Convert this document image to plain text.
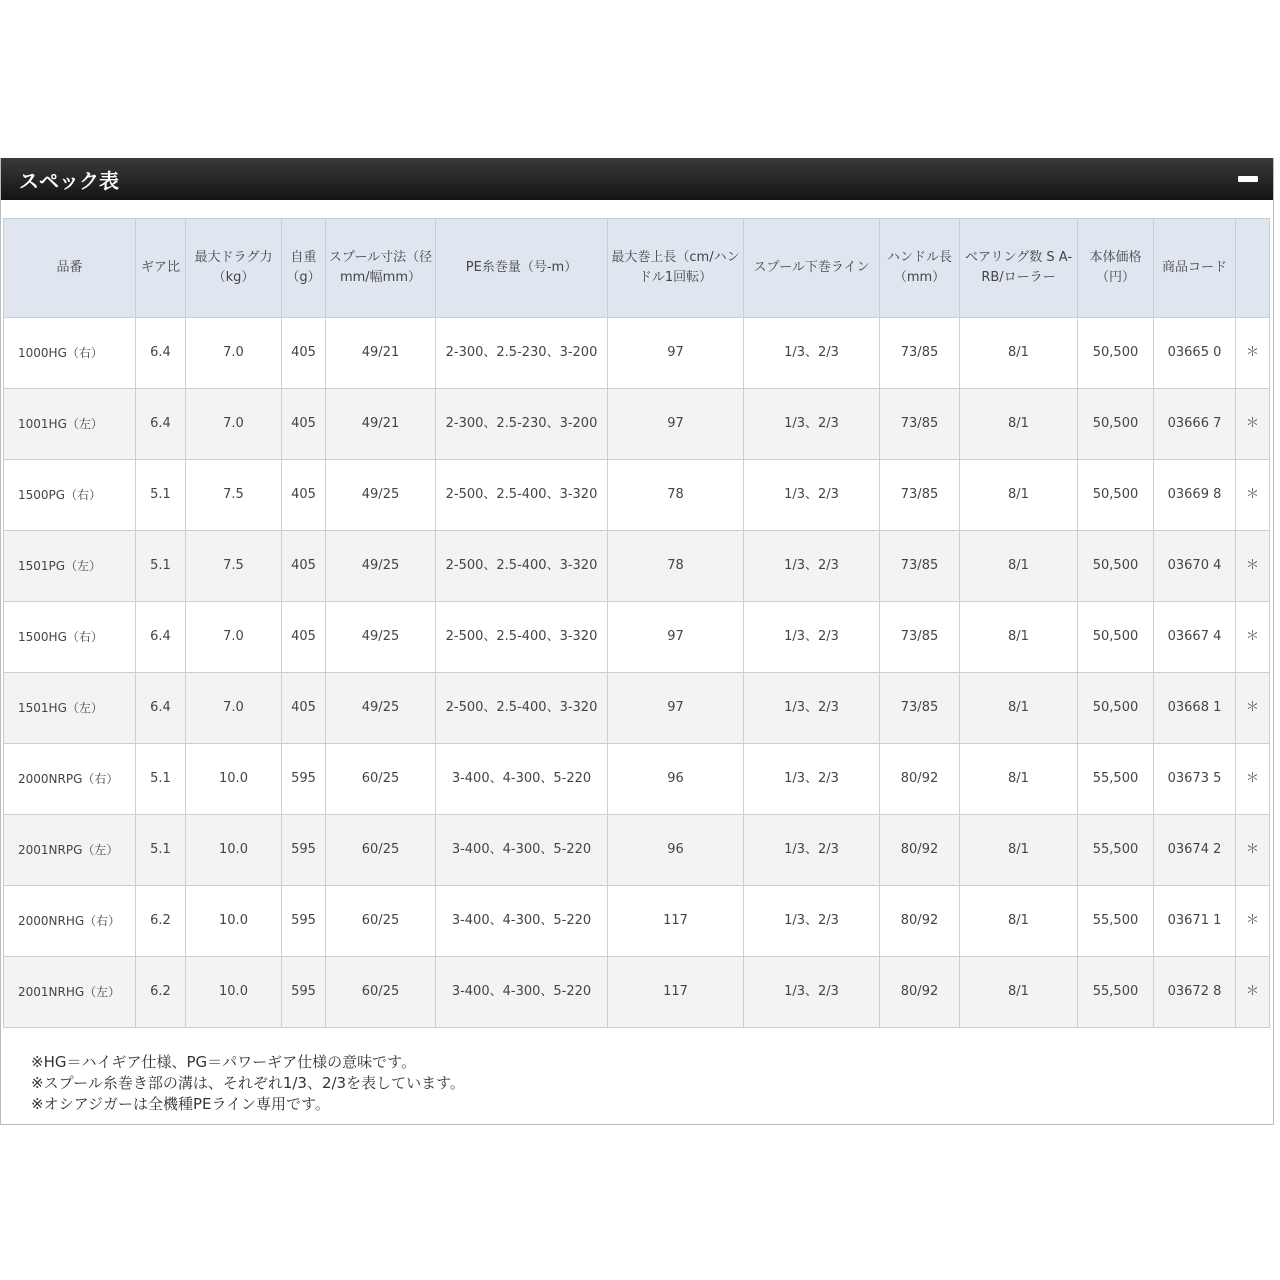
スペック表
品番	ギア比	最大ドラグ力（kg）	自重（g）	スプール寸法（径mm/幅mm）	PE糸巻量（号-m）	最大巻上長（cm/ハンドル1回転）	スプール下巻ライン	ハンドル長（mm）	ベアリング数 S A-RB/ローラー	本体価格（円）	商品コード	
1000HG（右）	6.4	7.0	405	49/21	2-300、2.5-230、3-200	97	1/3、2/3	73/85	8/1	50,500	03665 0	＊
1001HG（左）	6.4	7.0	405	49/21	2-300、2.5-230、3-200	97	1/3、2/3	73/85	8/1	50,500	03666 7	＊
1500PG（右）	5.1	7.5	405	49/25	2-500、2.5-400、3-320	78	1/3、2/3	73/85	8/1	50,500	03669 8	＊
1501PG（左）	5.1	7.5	405	49/25	2-500、2.5-400、3-320	78	1/3、2/3	73/85	8/1	50,500	03670 4	＊
1500HG（右）	6.4	7.0	405	49/25	2-500、2.5-400、3-320	97	1/3、2/3	73/85	8/1	50,500	03667 4	＊
1501HG（左）	6.4	7.0	405	49/25	2-500、2.5-400、3-320	97	1/3、2/3	73/85	8/1	50,500	03668 1	＊
2000NRPG（右）	5.1	10.0	595	60/25	3-400、4-300、5-220	96	1/3、2/3	80/92	8/1	55,500	03673 5	＊
2001NRPG（左）	5.1	10.0	595	60/25	3-400、4-300、5-220	96	1/3、2/3	80/92	8/1	55,500	03674 2	＊
2000NRHG（右）	6.2	10.0	595	60/25	3-400、4-300、5-220	117	1/3、2/3	80/92	8/1	55,500	03671 1	＊
2001NRHG（左）	6.2	10.0	595	60/25	3-400、4-300、5-220	117	1/3、2/3	80/92	8/1	55,500	03672 8	＊
※HG＝ハイギア仕様、PG＝パワーギア仕様の意味です。
※スプール糸巻き部の溝は、それぞれ1/3、2/3を表しています。
※オシアジガーは全機種PEライン専用です。
